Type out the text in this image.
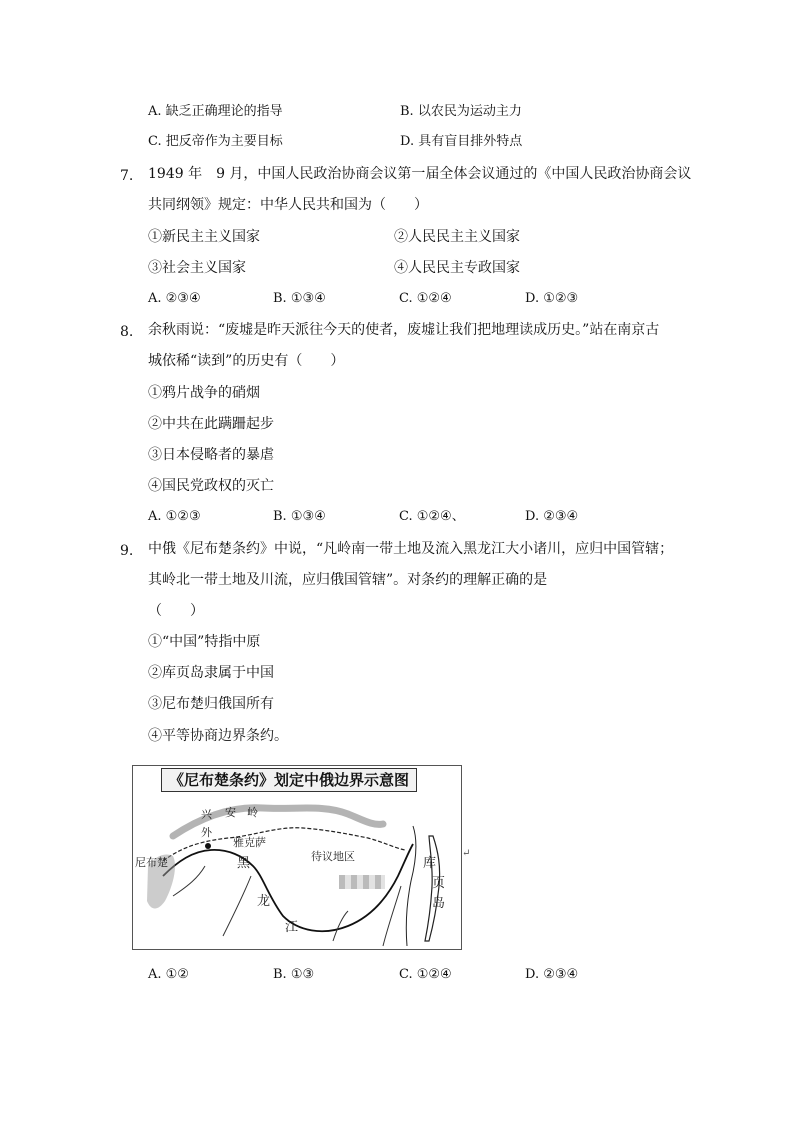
A. 缺乏正确理论的指导	B. 以农民为运动主力
C. 把反帝作为主要目标	D. 具有盲目排外特点
7. 1949 年　9 月，中国人民政治协商会议第一届全体会议通过的《中国人民政治协商会议
共同纲领》规定：中华人民共和国为（　　）
①新民主主义国家	②人民民主主义国家
③社会主义国家	④人民民主专政国家
A. ②③④	B. ①③④	C. ①②④	D. ①②③
8. 余秋雨说：“废墟是昨天派往今天的使者，废墟让我们把地理读成历史。”站在南京古
城依稀“读到”的历史有（　　）
①鸦片战争的硝烟
②中共在此蹒跚起步
③日本侵略者的暴虐
④国民党政权的灭亡
A. ①②③	B. ①③④	C. ①②④、	D. ②③④
9. 中俄《尼布楚条约》中说，“凡岭南一带土地及流入黑龙江大小诸川，应归中国管辖；
其岭北一带土地及川流，应归俄国管辖”。对条约的理解正确的是
（　　）
①“中国”特指中原
②库页岛隶属于中国
③尼布楚归俄国所有
④平等协商边界条约。
《尼布楚条约》划定中俄边界示意图
兴 安　岭
外
雅克萨
尼布楚	黑
龙
江
待议地区	库
页
岛
↵
A. ①②	B. ①③	C. ①②④	D. ②③④
